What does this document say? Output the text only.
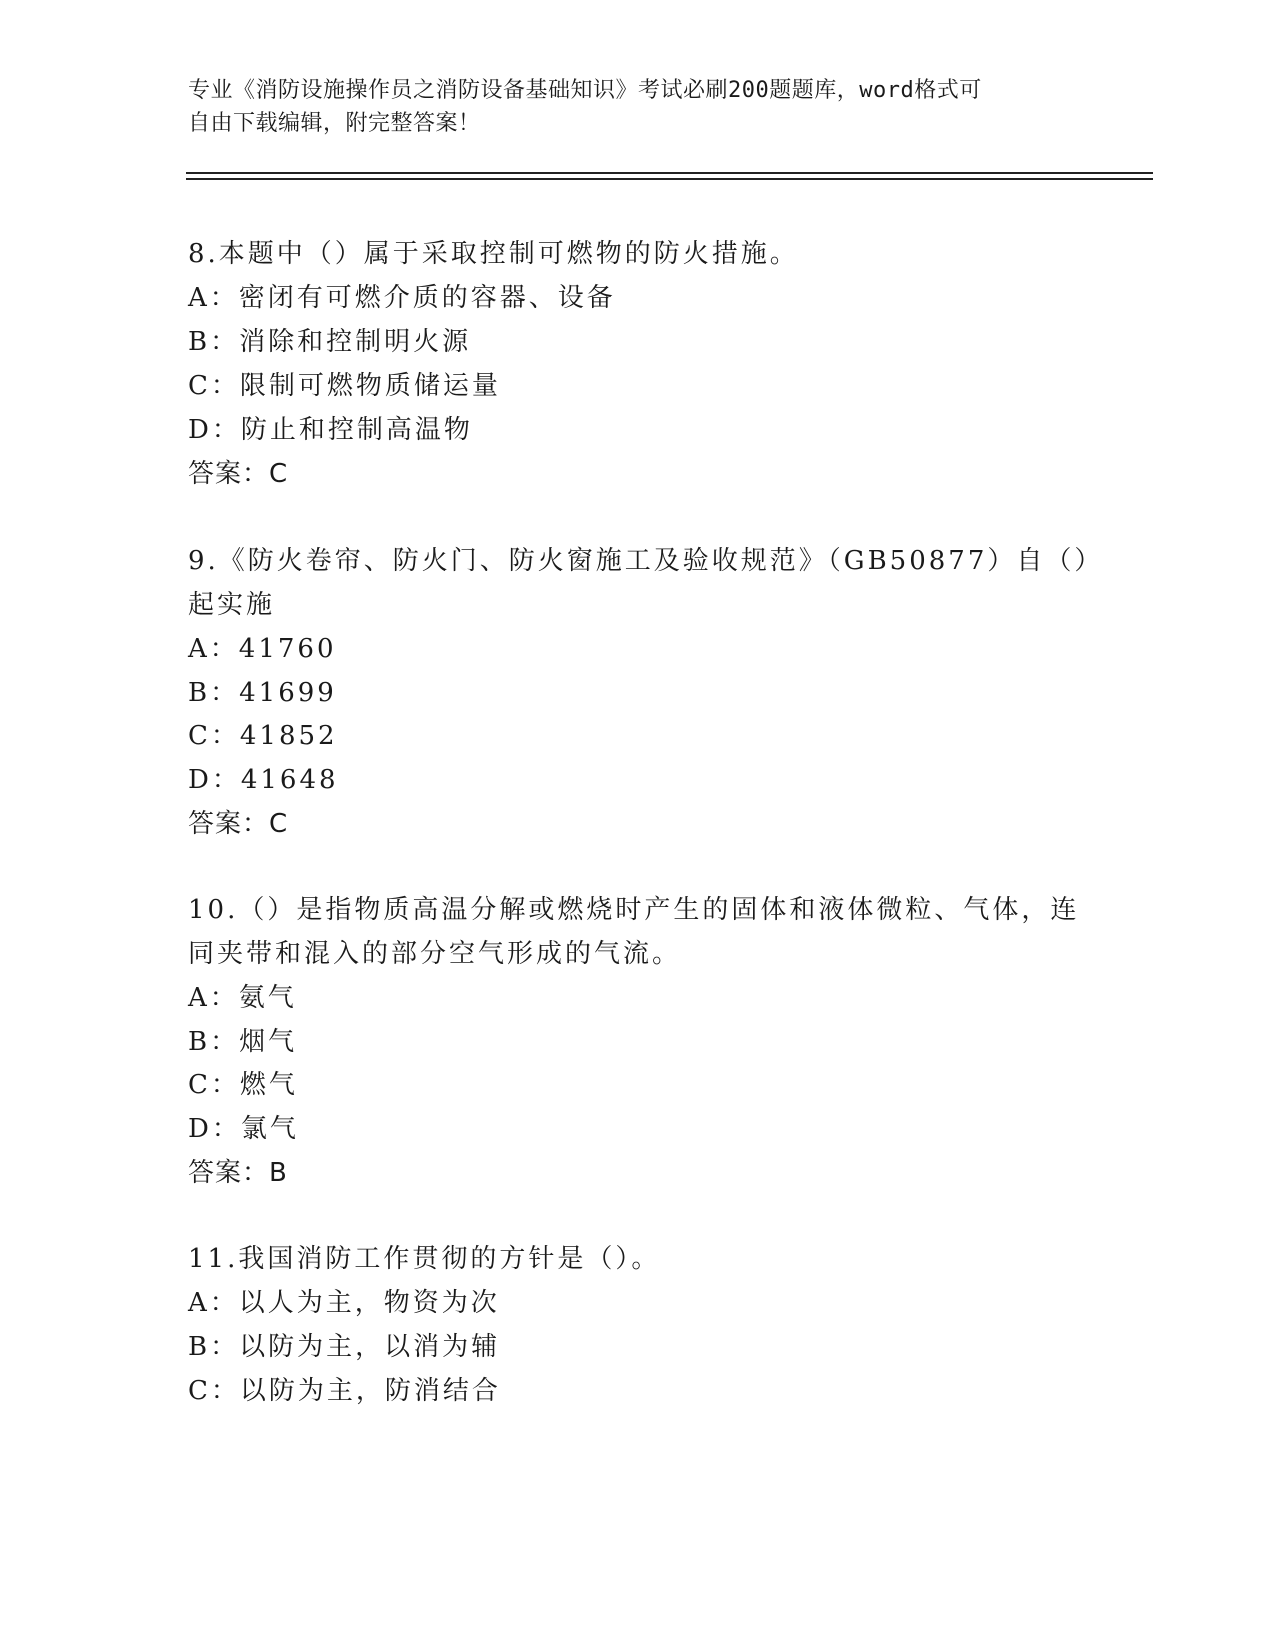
专业《消防设施操作员之消防设备基础知识》考试必刷200题题库，word格式可
自由下载编辑，附完整答案！
8.本题中（）属于采取控制可燃物的防火措施。
A：密闭有可燃介质的容器、设备
B：消除和控制明火源
C：限制可燃物质储运量
D：防止和控制高温物
答案：C
9.《防火卷帘、防火门、防火窗施工及验收规范》（GB50877）自（）
起实施
A：41760
B：41699
C：41852
D：41648
答案：C
10.（）是指物质高温分解或燃烧时产生的固体和液体微粒、气体，连
同夹带和混入的部分空气形成的气流。
A：氨气
B：烟气
C：燃气
D：氯气
答案：B
11.我国消防工作贯彻的方针是（）。
A：以人为主，物资为次
B：以防为主，以消为辅
C：以防为主，防消结合
